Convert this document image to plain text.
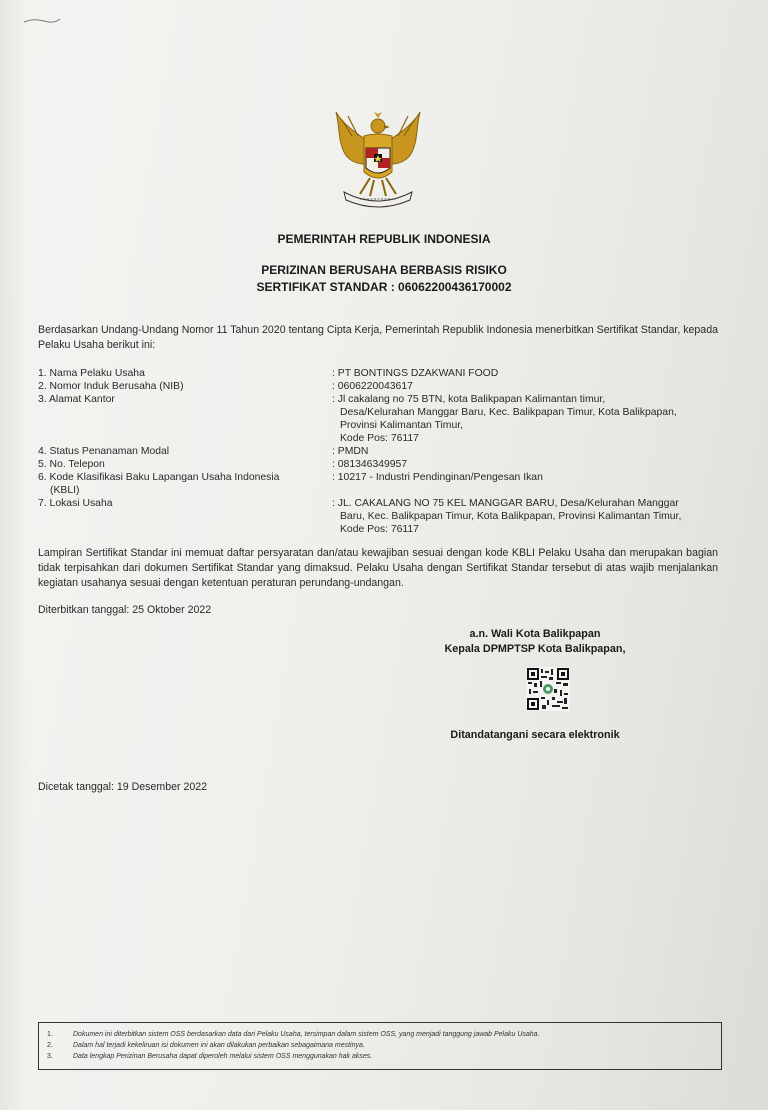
PEMERINTAH REPUBLIK INDONESIA
PERIZINAN BERUSAHA BERBASIS RISIKO
SERTIFIKAT STANDAR : 06062200436170002
Berdasarkan Undang-Undang Nomor 11 Tahun 2020 tentang Cipta Kerja, Pemerintah Republik Indonesia menerbitkan Sertifikat Standar, kepada Pelaku Usaha berikut ini:
1. Nama Pelaku Usaha	: PT BONTINGS DZAKWANI FOOD
2. Nomor Induk Berusaha (NIB)	: 0606220043617
3. Alamat Kantor	: Jl cakalang no 75 BTN, kota Balikpapan Kalimantan timur,
Desa/Kelurahan Manggar Baru, Kec. Balikpapan Timur, Kota Balikpapan,
Provinsi Kalimantan Timur,
Kode Pos: 76117
4. Status Penanaman Modal	: PMDN
5. No. Telepon	: 081346349957
6. Kode Klasifikasi Baku Lapangan Usaha Indonesia	: 10217 - Industri Pendinginan/Pengesan Ikan
(KBLI)
7. Lokasi Usaha	: JL. CAKALANG NO 75 KEL MANGGAR BARU, Desa/Kelurahan Manggar
Baru, Kec. Balikpapan Timur, Kota Balikpapan, Provinsi Kalimantan Timur,
Kode Pos: 76117
Lampiran Sertifikat Standar ini memuat daftar persyaratan dan/atau kewajiban sesuai dengan kode KBLI Pelaku Usaha dan merupakan bagian tidak terpisahkan dari dokumen Sertifikat Standar yang dimaksud. Pelaku Usaha dengan Sertifikat Standar tersebut di atas wajib menjalankan kegiatan usahanya sesuai dengan ketentuan peraturan perundang-undangan.
Diterbitkan tanggal: 25 Oktober 2022
a.n. Wali Kota Balikpapan
Kepala DPMPTSP Kota Balikpapan,
Ditandatangani secara elektronik
Dicetak tanggal: 19 Desember 2022
1.	Dokumen ini diterbitkan sistem OSS berdasarkan data dari Pelaku Usaha, tersimpan dalam sistem OSS, yang menjadi tanggung jawab Pelaku Usaha.
2.	Dalam hal terjadi kekeliruan isi dokumen ini akan dilakukan perbaikan sebagaimana mestinya.
3.	Data lengkap Perizinan Berusaha dapat diperoleh melalui sistem OSS menggunakan hak akses.
